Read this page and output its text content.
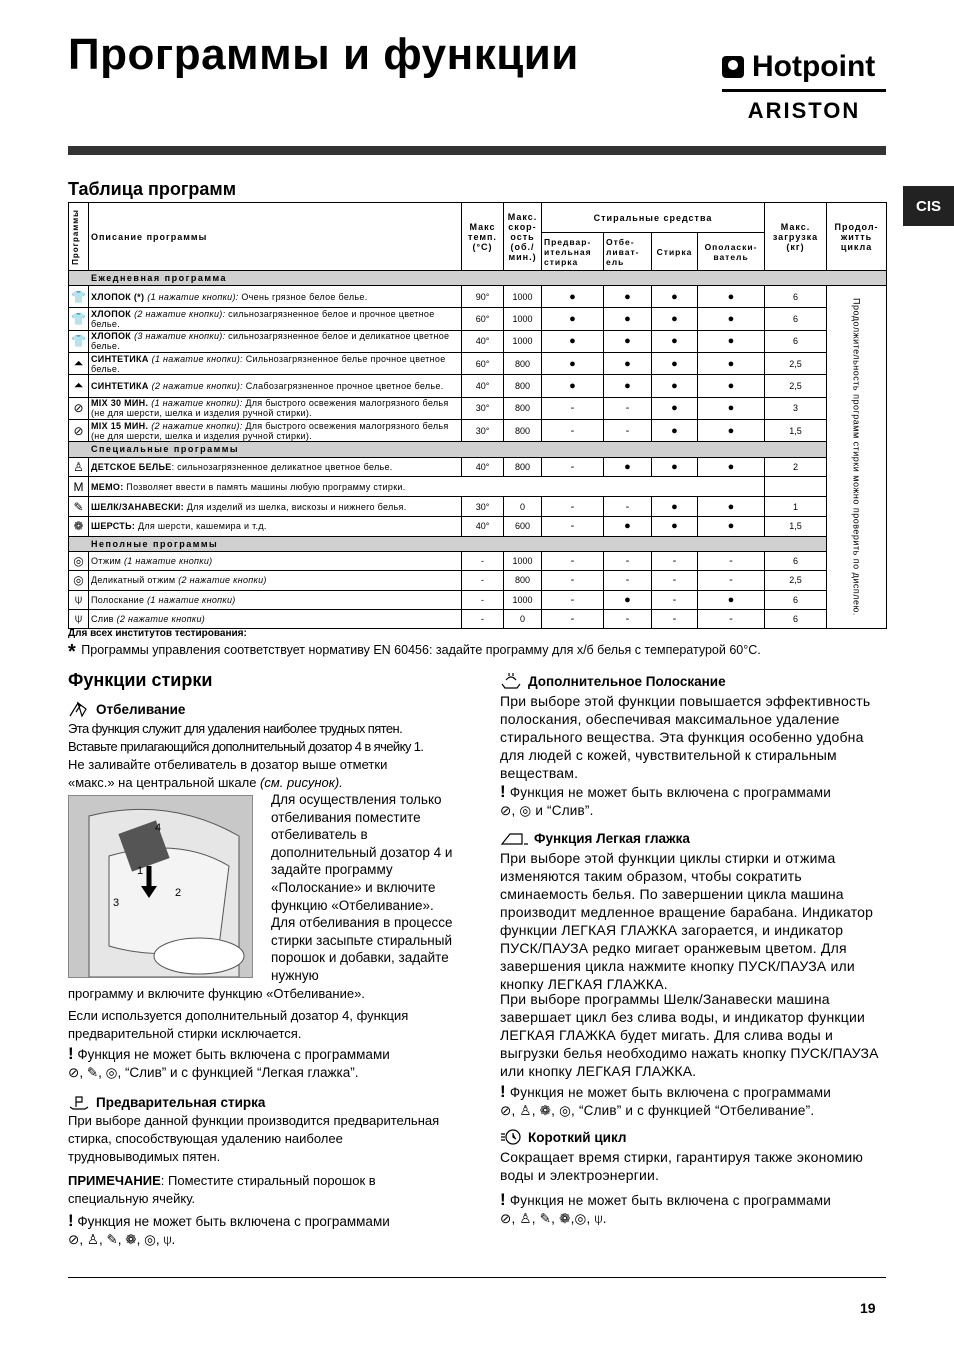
Программы и функции	Hotpoint
ARISTON
CIS
Таблица программ
Программы	Описание программы	Макс темп. (°C)	Макс. скор- ость (об./ мин.)	Стиральные средства				Макс. загрузка (кг)	Продол- житть цикла
				Предвар- ительная стирка	Отбе- ливат- ель	Стирка	Ополаски- ватель		
Ежедневная программа									
👕	ХЛОПОК (*) (1 нажатие кнопки): Очень грязное белое белье.	90°	1000	●	●	●	●	6	Продолжительность программ стирки можно проверить по дисплею.

👕	ХЛОПОК (2 нажатие кнопки): сильнозагрязненное белое и прочное цветное белье.	60°	1000	●	●	●	●	6	
👕	ХЛОПОК (3 нажатие кнопки): сильнозагрязненное белое и деликатное цветное белье.	40°	1000	●	●	●	●	6	
⏶	СИНТЕТИКА (1 нажатие кнопки): Сильнозагрязненное белье прочное цветное белье.	60°	800	●	●	●	●	2,5	
⏶	СИНТЕТИКА (2 нажатие кнопки): Слабозагрязненное прочное цветное белье.	40°	800	●	●	●	●	2,5	
⊘	MIX 30 МИН. (1 нажатие кнопки): Для быстрого освежения малогрязного белья (не для шерсти, шелка и изделия ручной стирки).	30°	800	-	-	●	●	3	
⊘	MIX 15 МИН. (2 нажатие кнопки): Для быстрого освежения малогрязного белья (не для шерсти, шелка и изделия ручной стирки).	30°	800	-	-	●	●	1,5	
Специальные программы									
♙	ДЕТСКОЕ БЕЛЬЕ: сильнозагрязненное деликатное цветное белье.	40°	800	-	●	●	●	2	
M	МЕМО: Позволяет ввести в память машины любую программу стирки.								
✎	ШЕЛК/ЗАНАВЕСКИ: Для изделий из шелка, вискозы и нижнего белья.	30°	0	-	-	●	●	1	
❁	ШЕРСТЬ: Для шерсти, кашемира и т.д.	40°	600	-	●	●	●	1,5	
Неполные программы									
◎	Отжим (1 нажатие кнопки)	-	1000	-	-	-	-	6	
◎	Деликатный отжим (2 нажатие кнопки)	-	800	-	-	-	-	2,5	
⍦	Полоскание (1 нажатие кнопки)	-	1000	-	●	-	●	6	
⍦	Слив (2 нажатие кнопки)	-	0	-	-	-	-	6	
Для всех институтов тестирования:
* Программы управления соответствует нормативу EN 60456: задайте программу для х/б белья с температурой 60°C.
Функции стирки
Отбеливание
Эта функция служит для удаления наиболее трудных пятен.
Вставьте прилагающийся дополнительный дозатор 4 в ячейку 1.
Не заливайте отбеливатель в дозатор выше отметки
«макс.» на центральной шкале (см. рисунок).
4
1
2
3
Для осуществления только отбеливания поместите отбеливатель в дополнительный дозатор 4 и задайте программу «Полоскание» и включите функцию «Отбеливание». Для отбеливания в процессе стирки засыпьте стиральный порошок и добавки, задайте нужную
программу и включите функцию «Отбеливание».
Если используется дополнительный дозатор 4, функция предварительной стирки исключается.
! Функция не может быть включена с программами
⊘, ✎, ◎, “Слив” и с функцией “Легкая глажка”.
Предварительная стирка
При выборе данной функции производится предварительная стирка, способствующая удалению наиболее трудновыводимых пятен.
ПРИМЕЧАНИЕ: Поместите стиральный порошок в специальную ячейку.
! Функция не может быть включена с программами
⊘, ♙, ✎, ❁, ◎, ⍦.
Дополнительное Полоскание
При выборе этой функции повышается эффективность полоскания, обеспечивая максимальное удаление стирального вещества. Эта функция особенно удобна для людей с кожей, чувствительной к стиральным веществам.
! Функция не может быть включена с программами
⊘, ◎ и “Слив”.
Функция Легкая глажка
При выборе этой функции циклы стирки и отжима изменяются таким образом, чтобы сократить сминаемость белья. По завершении цикла машина производит медленное вращение барабана. Индикатор функции ЛЕГКАЯ ГЛАЖКА загорается, и индикатор ПУСК/ПАУЗА редко мигает оранжевым цветом. Для завершения цикла нажмите кнопку ПУСК/ПАУЗА или кнопку ЛЕГКАЯ ГЛАЖКА.
При выборе программы Шелк/Занавески машина завершает цикл без слива воды, и индикатор функции ЛЕГКАЯ ГЛАЖКА будет мигать. Для слива воды и выгрузки белья необходимо нажать кнопку ПУСК/ПАУЗА или кнопку ЛЕГКАЯ ГЛАЖКА.
! Функция не может быть включена с программами
⊘, ♙, ❁, ◎, “Слив” и с функцией “Отбеливание”.
Короткий цикл
Сокращает время стирки, гарантируя также экономию воды и электроэнергии.
! Функция не может быть включена с программами
⊘, ♙, ✎, ❁,◎, ⍦.
19
